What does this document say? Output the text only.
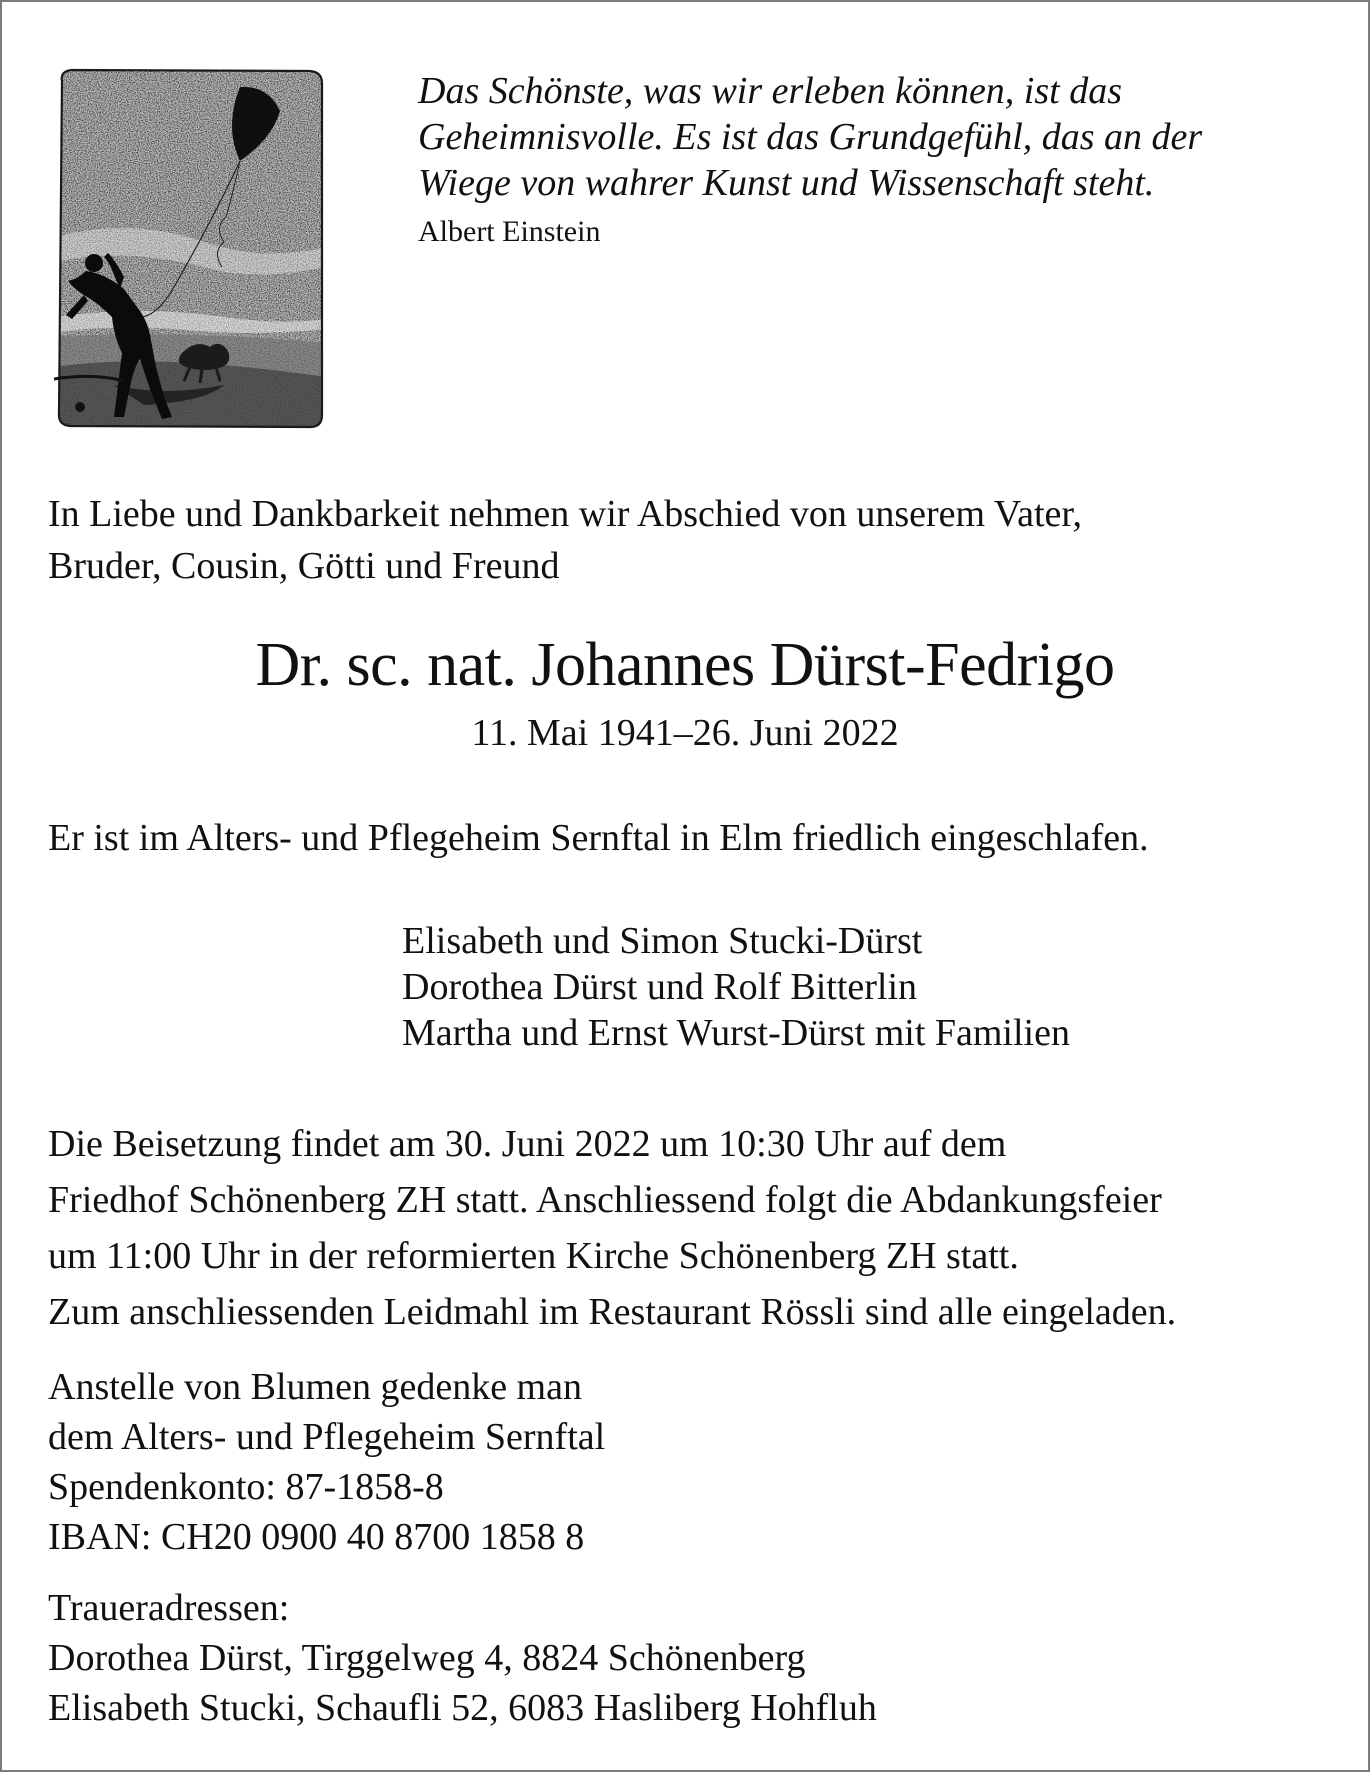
Das Schönste, was wir erleben können, ist das
Geheimnisvolle. Es ist das Grundgefühl, das an der
Wiege von wahrer Kunst und Wissenschaft steht.
Albert Einstein
In Liebe und Dankbarkeit nehmen wir Abschied von unserem Vater,
Bruder, Cousin, Götti und Freund
Dr. sc. nat. Johannes Dürst-Fedrigo
11. Mai 1941–26. Juni 2022
Er ist im Alters- und Pflegeheim Sernftal in Elm friedlich eingeschlafen.
Elisabeth und Simon Stucki-Dürst
Dorothea Dürst und Rolf Bitterlin
Martha und Ernst Wurst-Dürst mit Familien
Die Beisetzung findet am 30. Juni 2022 um 10:30 Uhr auf dem
Friedhof Schönenberg ZH statt. Anschliessend folgt die Abdankungsfeier
um 11:00 Uhr in der reformierten Kirche Schönenberg ZH statt.
Zum anschliessenden Leidmahl im Restaurant Rössli sind alle eingeladen.
Anstelle von Blumen gedenke man
dem Alters- und Pflegeheim Sernftal
Spendenkonto: 87-1858-8
IBAN: CH20 0900 40 8700 1858 8
Traueradressen:
Dorothea Dürst, Tirggelweg 4, 8824 Schönenberg
Elisabeth Stucki, Schaufli 52, 6083 Hasliberg Hohfluh
